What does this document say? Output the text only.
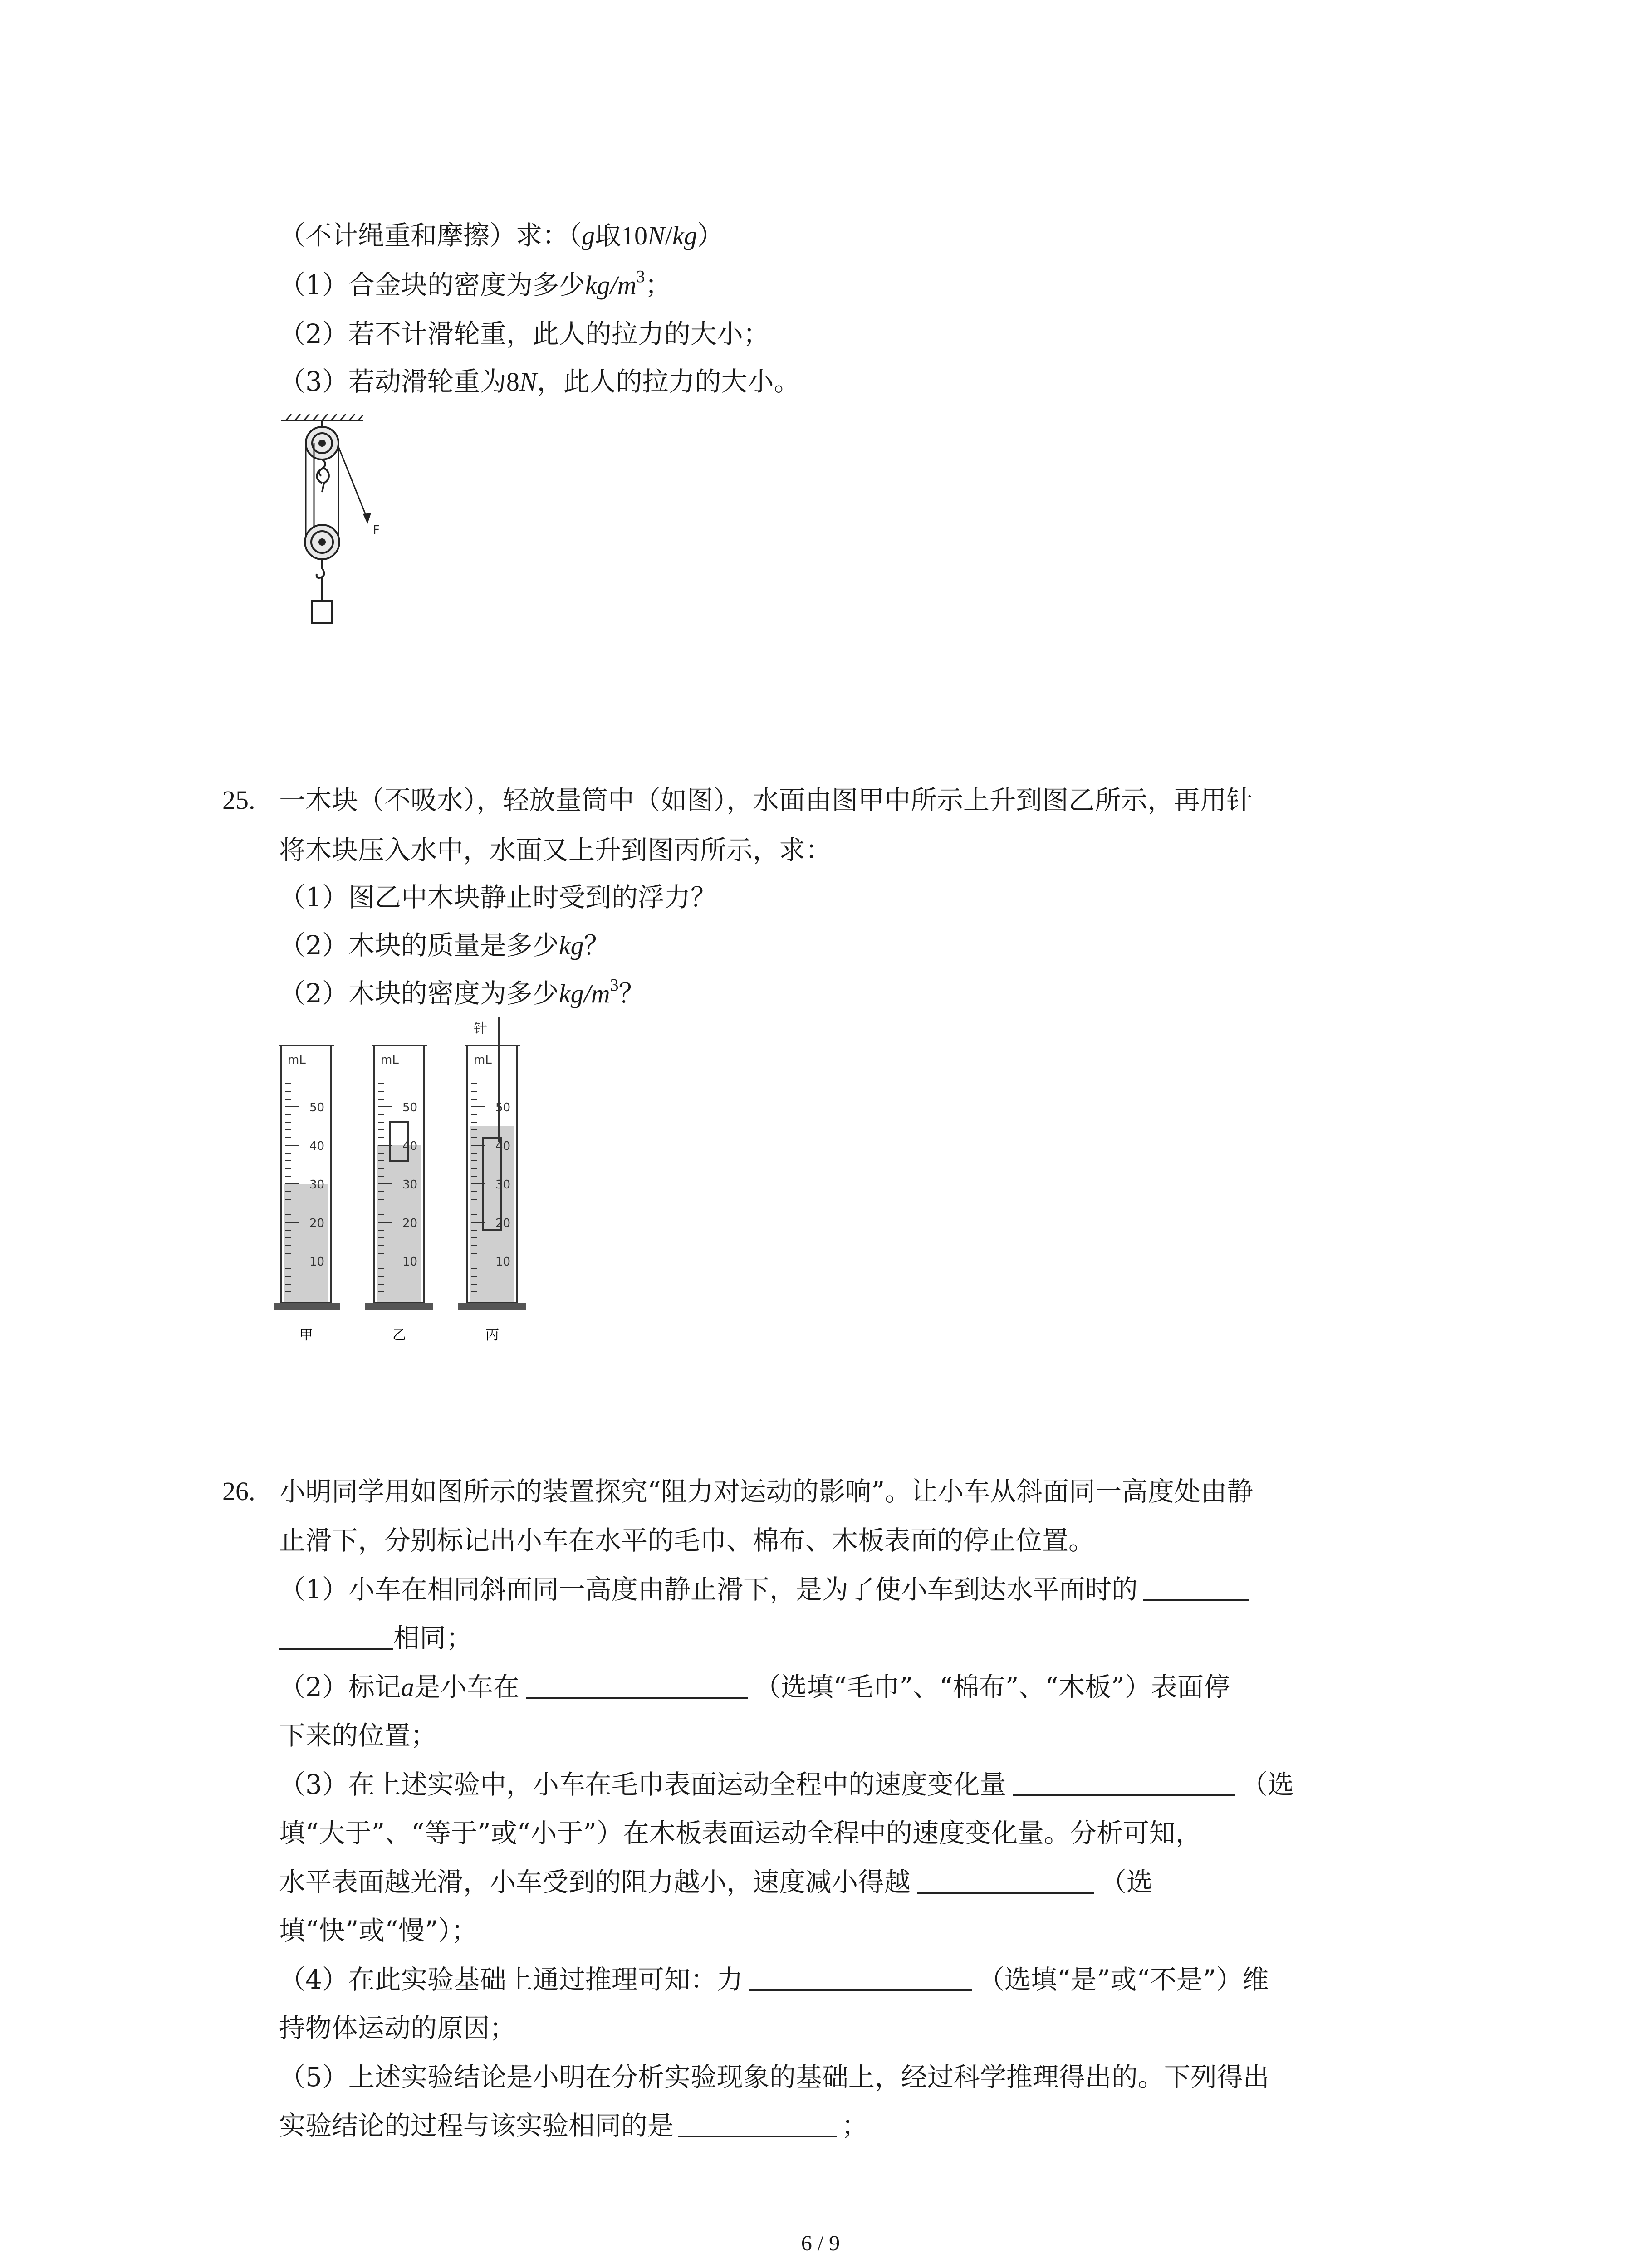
（不计绳重和摩擦）求：（g取10N/kg）
（1）合金块的密度为多少$kg/m^3$；
（2）若不计滑轮重，此人的拉力的大小；
（3）若动滑轮重为8N，此人的拉力的大小。
F
25. 一木块（不吸水），轻放量筒中（如图），水面由图甲中所示上升到图乙所示，再用针
将木块压入水中，水面又上升到图丙所示，求：
（1）图乙中木块静止时受到的浮力？
（2）木块的质量是多少kg？
（2）木块的密度为多少$kg/m^3$？
50
40
30
20
10
mL
50
40
30
20
10
mL
50
40
30
20
10
mL
针
甲	乙	丙
26. 小明同学用如图所示的装置探究“阻力对运动的影响”。让小车从斜面同一高度处由静
止滑下，分别标记出小车在水平的毛巾、棉布、木板表面的停止位置。
（1）小车在相同斜面同一高度由静止滑下，是为了使小车到达水平面时的
相同；
（2）标记a是小车在	（选填“毛巾”、“棉布”、“木板”）表面停
下来的位置；
（3）在上述实验中，小车在毛巾表面运动全程中的速度变化量	（选
填“大于”、“等于”或“小于”）在木板表面运动全程中的速度变化量。分析可知，
水平表面越光滑，小车受到的阻力越小，速度减小得越	（选
填“快”或“慢”）；
（4）在此实验基础上通过推理可知：力	（选填“是”或“不是”）维
持物体运动的原因；
（5）上述实验结论是小明在分析实验现象的基础上，经过科学推理得出的。下列得出
实验结论的过程与该实验相同的是	；
6 / 9
